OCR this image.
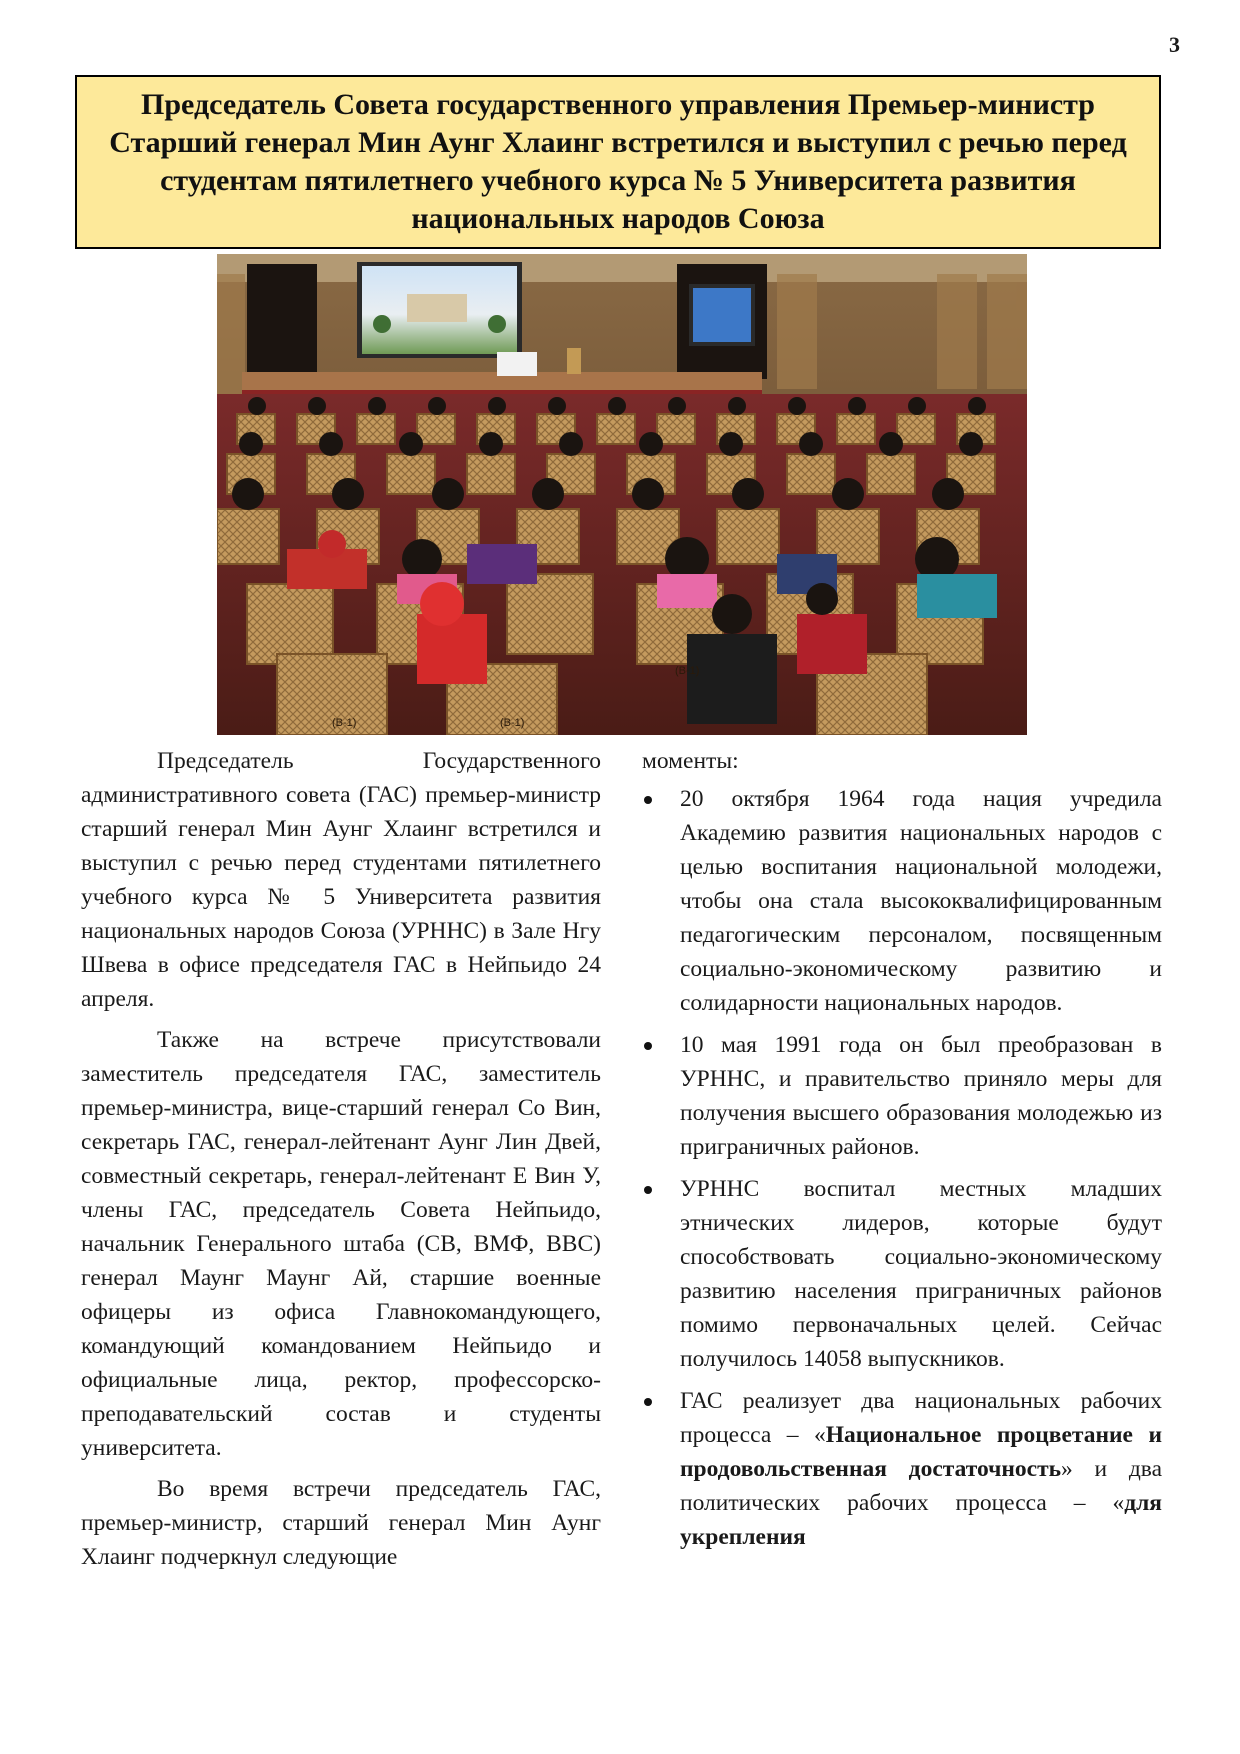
3
Председатель Совета государственного управления Премьер-министр Старший генерал Мин Аунг Хлаинг встретился и выступил с речью перед студентам пятилетнего учебного курса № 5 Университета развития национальных народов Союза
(B-1)	(B-1)
(B-1)

Председатель Государственного административного совета (ГАС) премьер-министр старший генерал Мин Аунг Хлаинг встретился и выступил с речью перед студентами пятилетнего учебного курса № 5 Университета развития национальных народов Союза (УРННС) в Зале Нгу Швева в офисе председателя ГАС в Нейпьидо 24 апреля.

Также на встрече присутствовали заместитель председателя ГАС, заместитель премьер-министра, вице-старший генерал Со Вин, секретарь ГАС, генерал-лейтенант Аунг Лин Двей, совместный секретарь, генерал-лейтенант Е Вин У, члены ГАС, председатель Совета Нейпьидо, начальник Генерального штаба (СВ, ВМФ, ВВС) генерал Маунг Маунг Ай, старшие военные офицеры из офиса Главнокомандующего, командующий командованием Нейпьидо и официальные лица, ректор, профессорско-преподавательский состав и студенты университета.

Во время встречи председатель ГАС, премьер-министр, старший генерал Мин Аунг Хлаинг подчеркнул следующие

моменты:
20 октября 1964 года нация учредила Академию развития национальных народов с целью воспитания национальной молодежи, чтобы она стала высококвалифицированным педагогическим персоналом, посвященным социально-экономическому развитию и солидарности национальных народов.
10 мая 1991 года он был преобразован в УРННС, и правительство приняло меры для получения высшего образования молодежью из приграничных районов.
УРННС воспитал местных младших этнических лидеров, которые будут способствовать социально-экономическому развитию населения приграничных районов помимо первоначальных целей. Сейчас получилось 14058 выпускников.
ГАС реализует два национальных рабочих процесса – «Национальное процветание и продовольственная достаточность» и два политических рабочих процесса – «для укрепления
